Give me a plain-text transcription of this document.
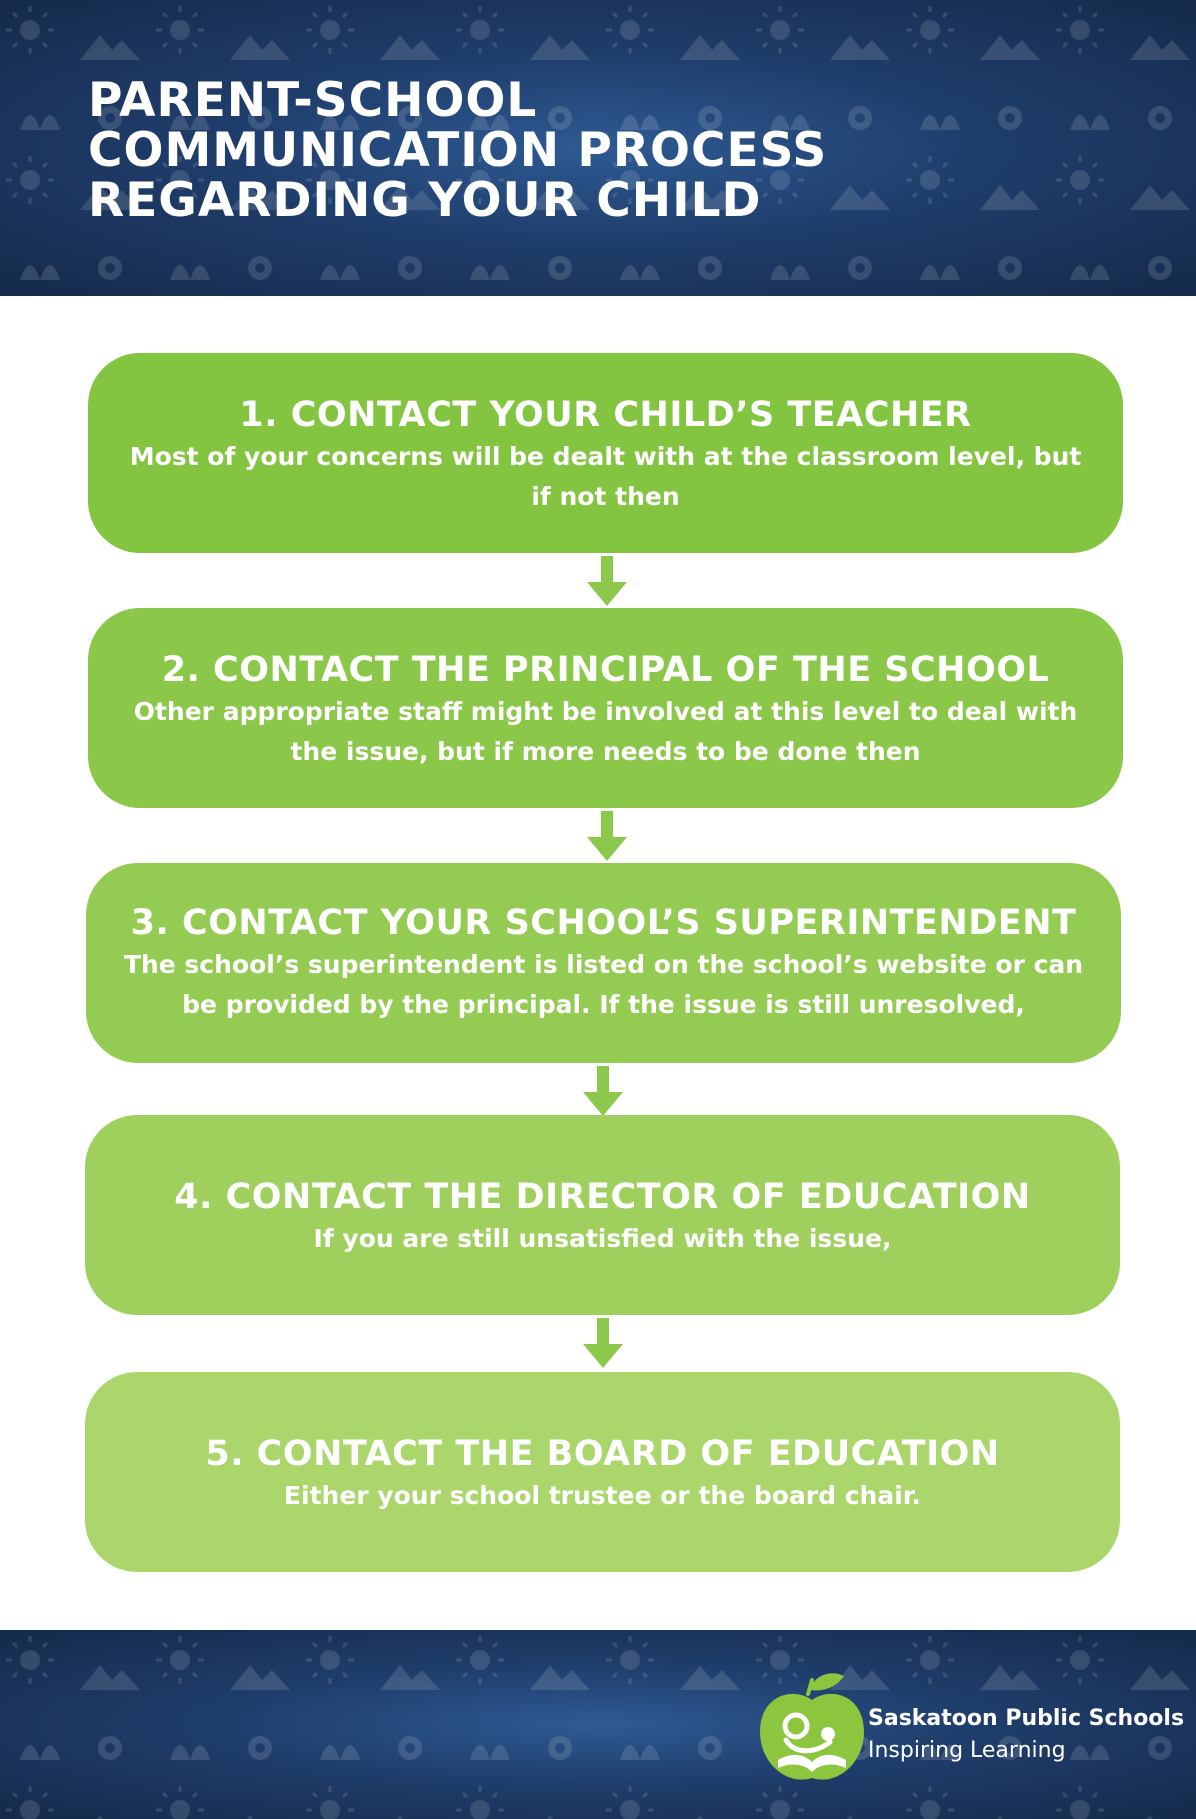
PARENT-SCHOOL
COMMUNICATION PROCESS
REGARDING YOUR CHILD
1. CONTACT YOUR CHILD’S TEACHER
Most of your concerns will be dealt with at the classroom level, but if not then
2. CONTACT THE PRINCIPAL OF THE SCHOOL
Other appropriate staff might be involved at this level to deal with the issue, but if more needs to be done then
3. CONTACT YOUR SCHOOL’S SUPERINTENDENT
The school’s superintendent is listed on the school’s website or can be provided by the principal. If the issue is still unresolved,
4. CONTACT THE DIRECTOR OF EDUCATION
If you are still unsatisfied with the issue,
5. CONTACT THE BOARD OF EDUCATION
Either your school trustee or the board chair.
Saskatoon Public Schools
Inspiring Learning
